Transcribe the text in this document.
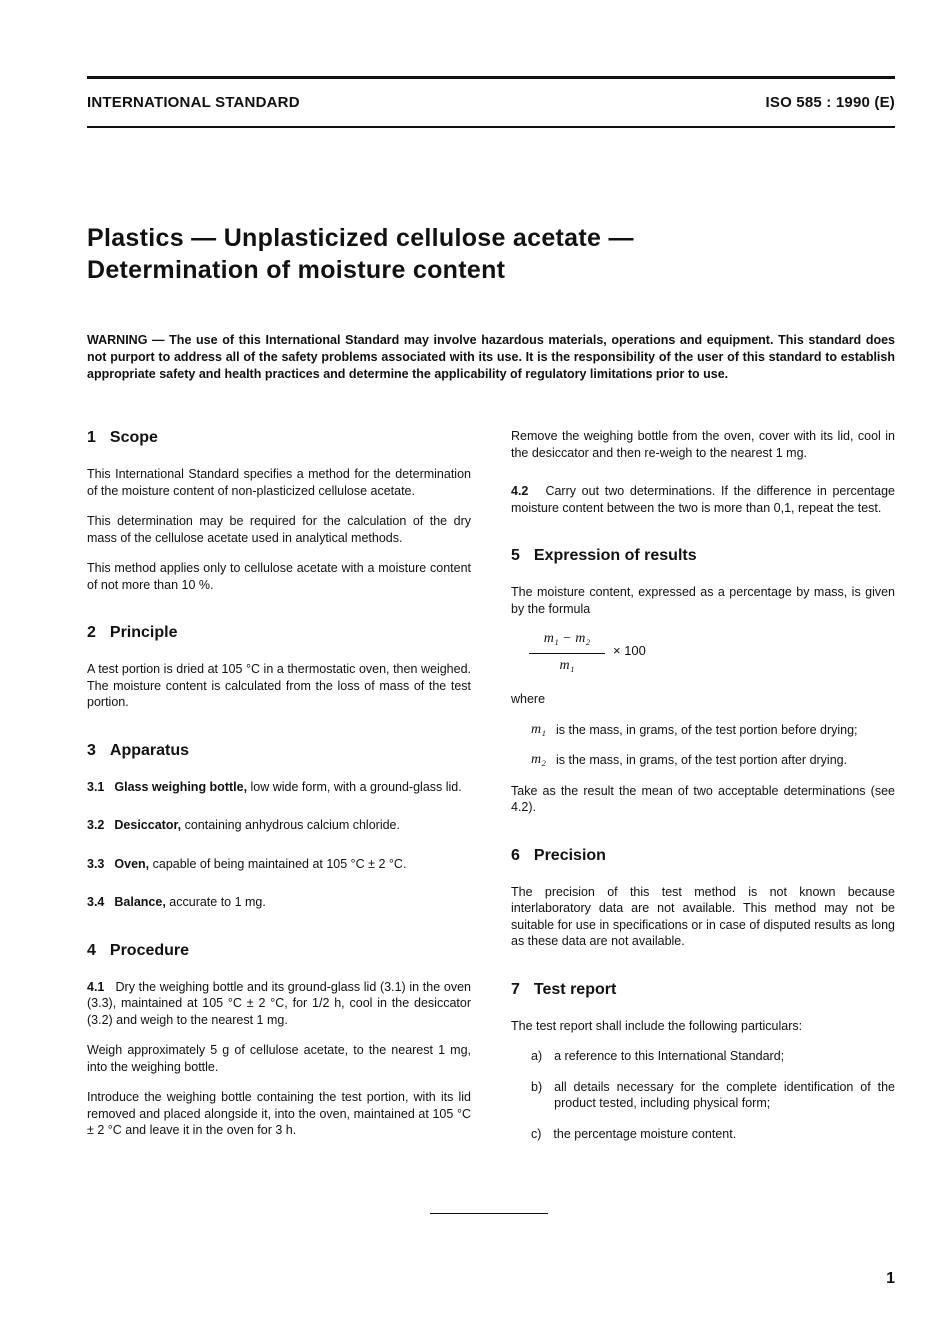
INTERNATIONAL STANDARD	ISO 585 : 1990 (E)
Plastics — Unplasticized cellulose acetate —
Determination of moisture content
WARNING — The use of this International Standard may involve hazardous materials, operations and equipment. This standard does not purport to address all of the safety problems associated with its use. It is the responsibility of the user of this standard to establish appropriate safety and health practices and determine the applicability of regulatory limitations prior to use.
1 Scope

This International Standard specifies a method for the determination of the moisture content of non-plasticized cellulose acetate.

This determination may be required for the calculation of the dry mass of the cellulose acetate used in analytical methods.

This method applies only to cellulose acetate with a moisture content of not more than 10 %.

2 Principle

A test portion is dried at 105 °C in a thermostatic oven, then weighed. The moisture content is calculated from the loss of mass of the test portion.

3 Apparatus
3.1 Glass weighing bottle, low wide form, with a ground-glass lid.
3.2 Desiccator, containing anhydrous calcium chloride.
3.3 Oven, capable of being maintained at 105 °C ± 2 °C.
3.4 Balance, accurate to 1 mg.
4 Procedure

4.1 Dry the weighing bottle and its ground-glass lid (3.1) in the oven (3.3), maintained at 105 °C ± 2 °C, for 1/2 h, cool in the desiccator (3.2) and weigh to the nearest 1 mg.

Weigh approximately 5 g of cellulose acetate, to the nearest 1 mg, into the weighing bottle.

Introduce the weighing bottle containing the test portion, with its lid removed and placed alongside it, into the oven, maintained at 105 °C ± 2 °C and leave it in the oven for 3 h.

Remove the weighing bottle from the oven, cover with its lid, cool in the desiccator and then re-weigh to the nearest 1 mg.

4.2 Carry out two determinations. If the difference in percentage moisture content between the two is more than 0,1, repeat the test.

5 Expression of results

The moisture content, expressed as a percentage by mass, is given by the formula

m₁ − m₂
m₁
× 100

where

m₁ is the mass, in grams, of the test portion before drying;

m₂ is the mass, in grams, of the test portion after drying.

Take as the result the mean of two acceptable determinations (see 4.2).

6 Precision

The precision of this test method is not known because interlaboratory data are not available. This method may not be suitable for use in specifications or in case of disputed results as long as these data are not available.

7 Test report

The test report shall include the following particulars:

a) a reference to this International Standard;

b) all details necessary for the complete identification of the product tested, including physical form;

c) the percentage moisture content.

1
